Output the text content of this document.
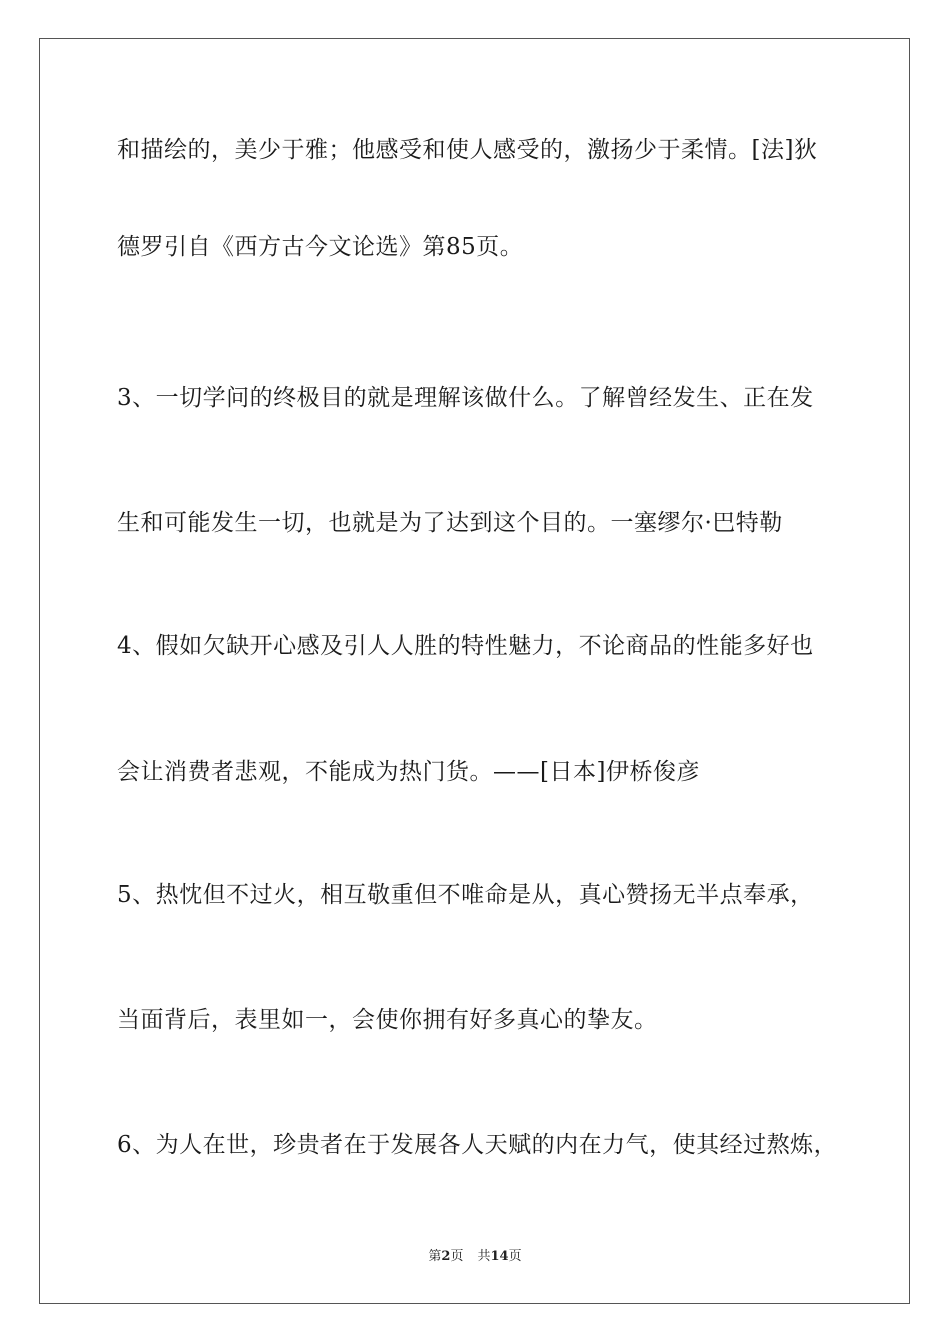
和描绘的，美少于雅；他感受和使人感受的，激扬少于柔情。[法]狄
德罗引自《西方古今文论选》第85页。
3、一切学问的终极目的就是理解该做什么。了解曾经发生、正在发
生和可能发生一切，也就是为了达到这个目的。一塞缪尔·巴特勒
4、假如欠缺开心感及引人人胜的特性魅力，不论商品的性能多好也
会让消费者悲观，不能成为热门货。——[日本]伊桥俊彦
5、热忱但不过火，相互敬重但不唯命是从，真心赞扬无半点奉承，
当面背后，表里如一，会使你拥有好多真心的挚友。
6、为人在世，珍贵者在于发展各人天赋的内在力气，使其经过熬炼，
第2页 共14页
